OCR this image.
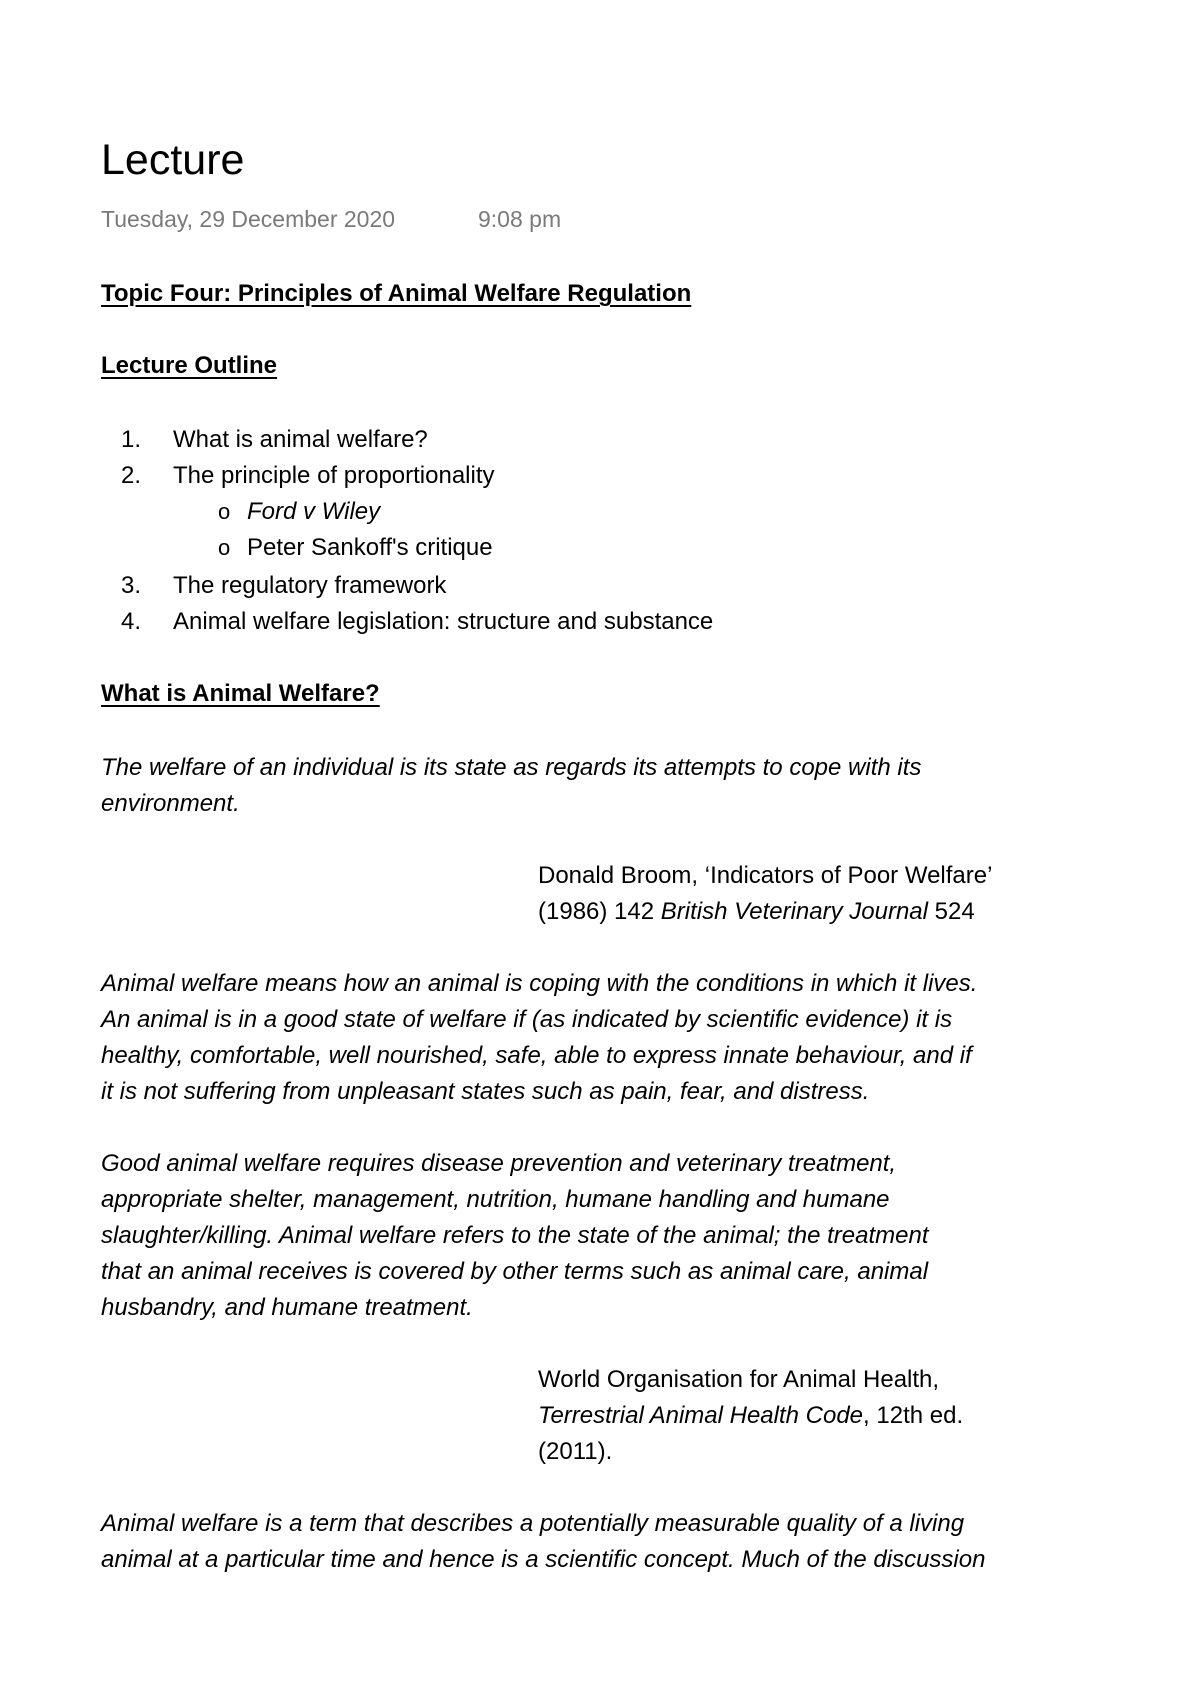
Lecture
Tuesday, 29 December 2020	9:08 pm
Topic Four: Principles of Animal Welfare Regulation
Lecture Outline
1. What is animal welfare?
2. The principle of proportionality
o Ford v Wiley
o Peter Sankoff's critique
3. The regulatory framework
4. Animal welfare legislation: structure and substance
What is Animal Welfare?
The welfare of an individual is its state as regards its attempts to cope with its
environment.
Donald Broom, ‘Indicators of Poor Welfare’
(1986) 142 British Veterinary Journal 524
Animal welfare means how an animal is coping with the conditions in which it lives.
An animal is in a good state of welfare if (as indicated by scientific evidence) it is
healthy, comfortable, well nourished, safe, able to express innate behaviour, and if
it is not suffering from unpleasant states such as pain, fear, and distress.
Good animal welfare requires disease prevention and veterinary treatment,
appropriate shelter, management, nutrition, humane handling and humane
slaughter/killing. Animal welfare refers to the state of the animal; the treatment
that an animal receives is covered by other terms such as animal care, animal
husbandry, and humane treatment.
World Organisation for Animal Health,
Terrestrial Animal Health Code, 12th ed.
(2011).
Animal welfare is a term that describes a potentially measurable quality of a living
animal at a particular time and hence is a scientific concept. Much of the discussion
